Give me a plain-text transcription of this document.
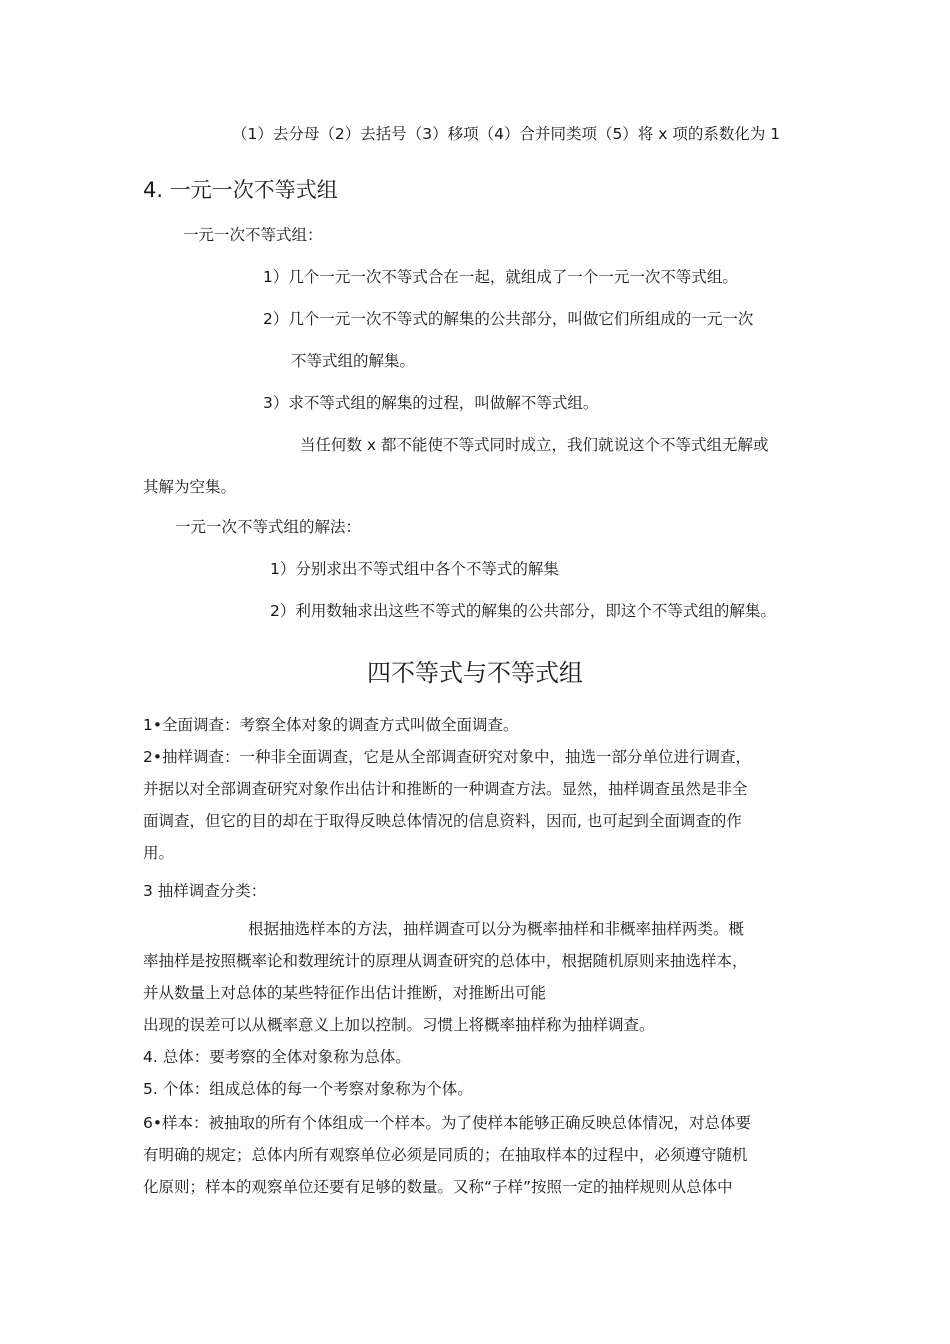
（1）去分母（2）去括号（3）移项（4）合并同类项（5）将 x 项的系数化为 1
4. 一元一次不等式组
一元一次不等式组：
1）几个一元一次不等式合在一起，就组成了一个一元一次不等式组。
2）几个一元一次不等式的解集的公共部分，叫做它们所组成的一元一次
不等式组的解集。
3）求不等式组的解集的过程，叫做解不等式组。
当任何数 x 都不能使不等式同时成立，我们就说这个不等式组无解或
其解为空集。
一元一次不等式组的解法：
1）分别求出不等式组中各个不等式的解集
2）利用数轴求出这些不等式的解集的公共部分，即这个不等式组的解集。
四不等式与不等式组
1•全面调查：考察全体对象的调查方式叫做全面调查。
2•抽样调查：一种非全面调查，它是从全部调查研究对象中，抽选一部分单位进行调查，
并据以对全部调查研究对象作出估计和推断的一种调查方法。显然，抽样调查虽然是非全
面调查，但它的目的却在于取得反映总体情况的信息资料，因而, 也可起到全面调查的作
用。
3 抽样调查分类：
根据抽选样本的方法，抽样调查可以分为概率抽样和非概率抽样两类。概
率抽样是按照概率论和数理统计的原理从调查研究的总体中，根据随机原则来抽选样本，
并从数量上对总体的某些特征作出估计推断，对推断出可能
出现的误差可以从概率意义上加以控制。习惯上将概率抽样称为抽样调查。
4. 总体：要考察的全体对象称为总体。
5. 个体：组成总体的每一个考察对象称为个体。
6•样本：被抽取的所有个体组成一个样本。为了使样本能够正确反映总体情况，对总体要
有明确的规定；总体内所有观察单位必须是同质的；在抽取样本的过程中，必须遵守随机
化原则；样本的观察单位还要有足够的数量。又称“子样”按照一定的抽样规则从总体中
